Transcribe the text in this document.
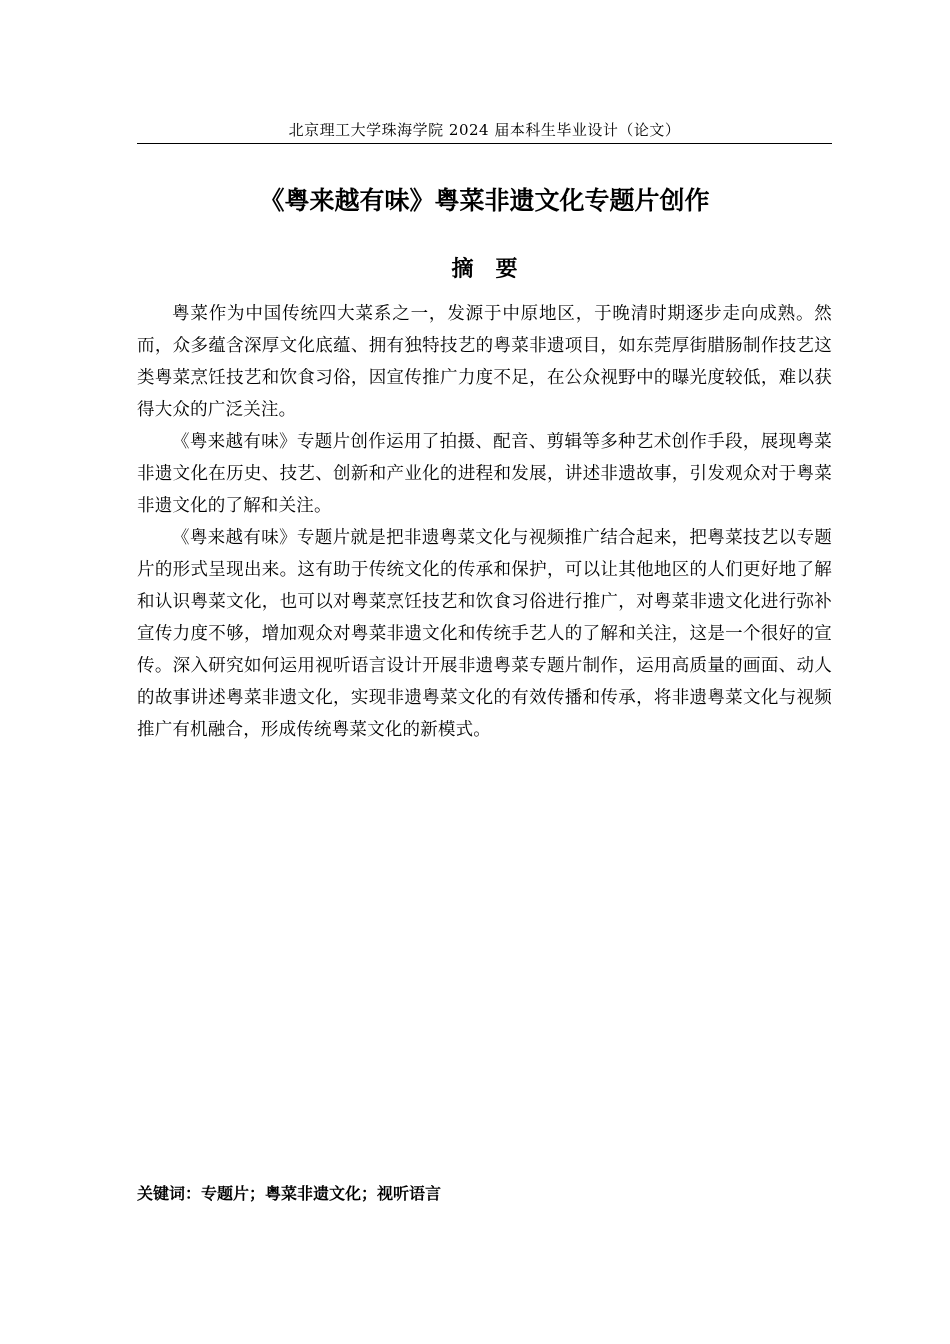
北京理工大学珠海学院 2024 届本科生毕业设计（论文）
《粤来越有味》粤菜非遗文化专题片创作
摘要

粤菜作为中国传统四大菜系之一，发源于中原地区，于晚清时期逐步走向成熟。然而，众多蕴含深厚文化底蕴、拥有独特技艺的粤菜非遗项目，如东莞厚街腊肠制作技艺这类粤菜烹饪技艺和饮食习俗，因宣传推广力度不足，在公众视野中的曝光度较低，难以获得大众的广泛关注。

《粤来越有味》专题片创作运用了拍摄、配音、剪辑等多种艺术创作手段，展现粤菜非遗文化在历史、技艺、创新和产业化的进程和发展，讲述非遗故事，引发观众对于粤菜非遗文化的了解和关注。

《粤来越有味》专题片就是把非遗粤菜文化与视频推广结合起来，把粤菜技艺以专题片的形式呈现出来。这有助于传统文化的传承和保护，可以让其他地区的人们更好地了解和认识粤菜文化，也可以对粤菜烹饪技艺和饮食习俗进行推广，对粤菜非遗文化进行弥补宣传力度不够，增加观众对粤菜非遗文化和传统手艺人的了解和关注，这是一个很好的宣传。深入研究如何运用视听语言设计开展非遗粤菜专题片制作，运用高质量的画面、动人的故事讲述粤菜非遗文化，实现非遗粤菜文化的有效传播和传承，将非遗粤菜文化与视频推广有机融合，形成传统粤菜文化的新模式。

关键词：专题片；粤菜非遗文化；视听语言
